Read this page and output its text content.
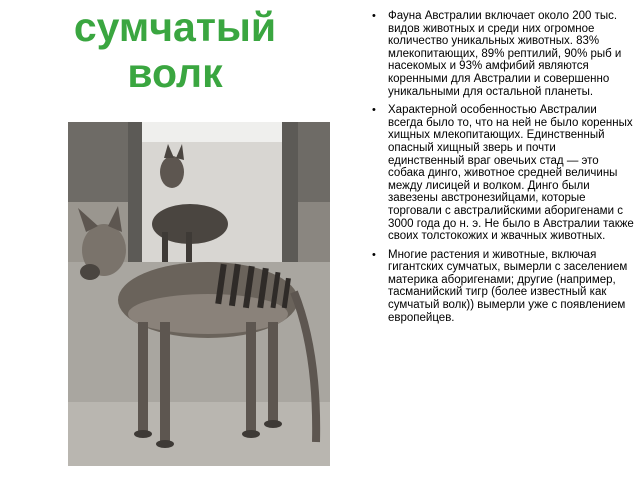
сумчатый
волк
• Фауна Австралии включает около 200 тыс. видов животных и среди них огромное количество уникальных животных. 83% млекопитающих, 89% рептилий, 90% рыб и насекомых и 93% амфибий являются коренными для Австралии и совершенно уникальными для остальной планеты.
• Характерной особенностью Австралии всегда было то, что на ней не было коренных хищных млекопитающих. Единственный опасный хищный зверь и почти единственный враг овечьих стад — это собака динго, животное средней величины между лисицей и волком. Динго были завезены австронезийцами, которые торговали с австралийскими аборигенами с 3000 года до н. э. Не было в Австралии также своих толстокожих и жвачных животных.
• Многие растения и животные, включая гигантских сумчатых, вымерли с заселением материка аборигенами; другие (например, тасманийский тигр (более известный как сумчатый волк)) вымерли уже с появлением европейцев.
